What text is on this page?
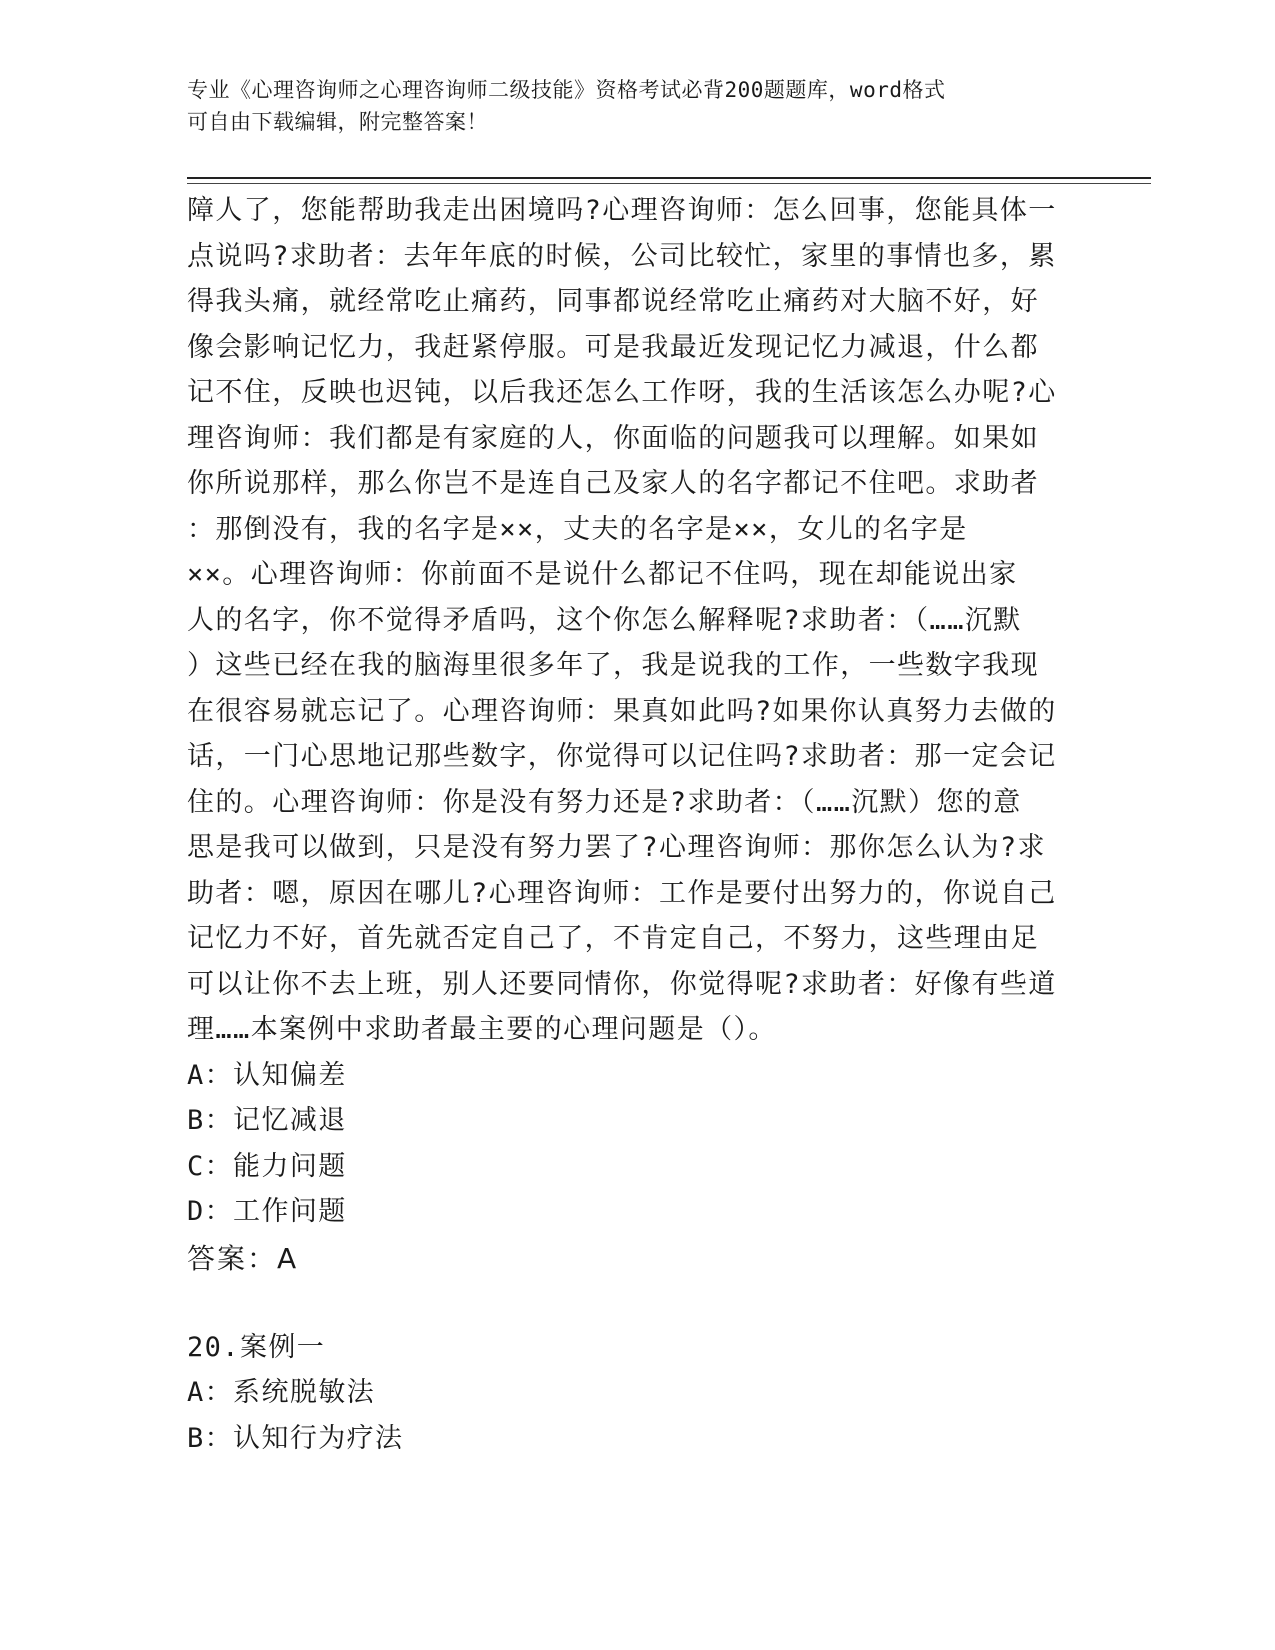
专业《心理咨询师之心理咨询师二级技能》资格考试必背200题题库，word格式
可自由下载编辑，附完整答案！
障人了，您能帮助我走出困境吗?心理咨询师：怎么回事，您能具体一
点说吗?求助者：去年年底的时候，公司比较忙，家里的事情也多，累
得我头痛，就经常吃止痛药，同事都说经常吃止痛药对大脑不好，好
像会影响记忆力，我赶紧停服。可是我最近发现记忆力减退，什么都
记不住，反映也迟钝，以后我还怎么工作呀，我的生活该怎么办呢?心
理咨询师：我们都是有家庭的人，你面临的问题我可以理解。如果如
你所说那样，那么你岂不是连自己及家人的名字都记不住吧。求助者
：那倒没有，我的名字是××，丈夫的名字是××，女儿的名字是
××。心理咨询师：你前面不是说什么都记不住吗，现在却能说出家
人的名字，你不觉得矛盾吗，这个你怎么解释呢?求助者：（……沉默
）这些已经在我的脑海里很多年了，我是说我的工作，一些数字我现
在很容易就忘记了。心理咨询师：果真如此吗?如果你认真努力去做的
话，一门心思地记那些数字，你觉得可以记住吗?求助者：那一定会记
住的。心理咨询师：你是没有努力还是?求助者：（……沉默）您的意
思是我可以做到，只是没有努力罢了?心理咨询师：那你怎么认为?求
助者：嗯，原因在哪儿?心理咨询师：工作是要付出努力的，你说自己
记忆力不好，首先就否定自己了，不肯定自己，不努力，这些理由足
可以让你不去上班，别人还要同情你，你觉得呢?求助者：好像有些道
理……本案例中求助者最主要的心理问题是（）。
A：认知偏差
B：记忆减退
C：能力问题
D：工作问题
答案：A
20.案例一
A：系统脱敏法
B：认知行为疗法
